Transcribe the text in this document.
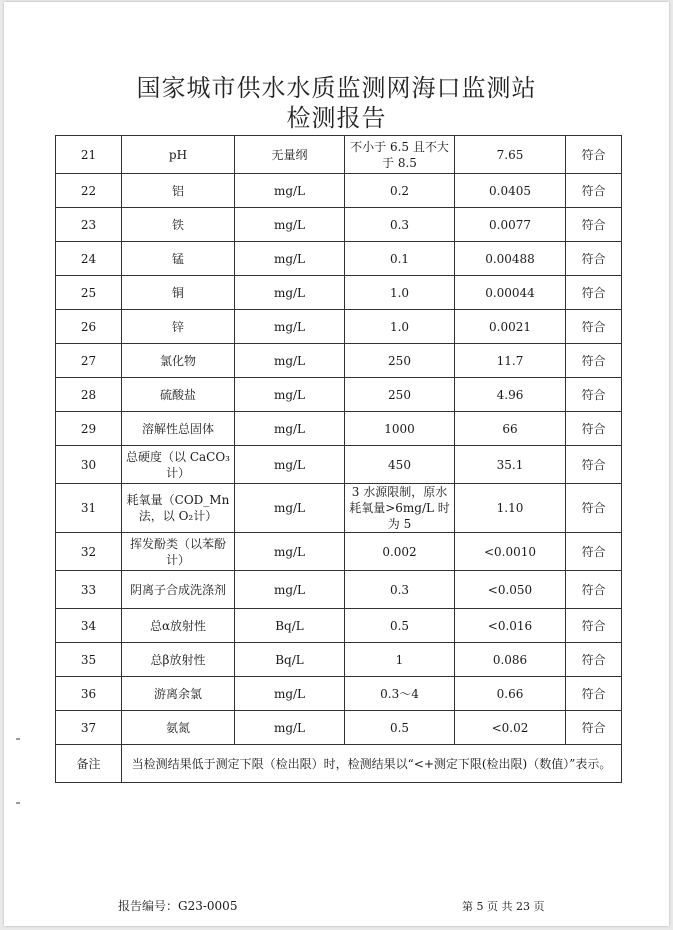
国家城市供水水质监测网海口监测站
检测报告
21	pH	无量纲	不小于 6.5 且不大于 8.5	7.65	符合
22	铝	mg/L	0.2	0.0405	符合
23	铁	mg/L	0.3	0.0077	符合
24	锰	mg/L	0.1	0.00488	符合
25	铜	mg/L	1.0	0.00044	符合
26	锌	mg/L	1.0	0.0021	符合
27	氯化物	mg/L	250	11.7	符合
28	硫酸盐	mg/L	250	4.96	符合
29	溶解性总固体	mg/L	1000	66	符合
30	总硬度（以 CaCO₃计）	mg/L	450	35.1	符合
31	耗氧量（COD_Mn 法，以 O₂计）	mg/L	3 水源限制，原水耗氧量>6mg/L 时为 5	1.10	符合
32	挥发酚类（以苯酚计）	mg/L	0.002	<0.0010	符合
33	阴离子合成洗涤剂	mg/L	0.3	<0.050	符合
34	总α放射性	Bq/L	0.5	<0.016	符合
35	总β放射性	Bq/L	1	0.086	符合
36	游离余氯	mg/L	0.3～4	0.66	符合
37	氨氮	mg/L	0.5	<0.02	符合
备注	当检测结果低于测定下限（检出限）时，检测结果以“<+测定下限(检出限)（数值）”表示。				
报告编号：G23-0005	第 5 页 共 23 页
